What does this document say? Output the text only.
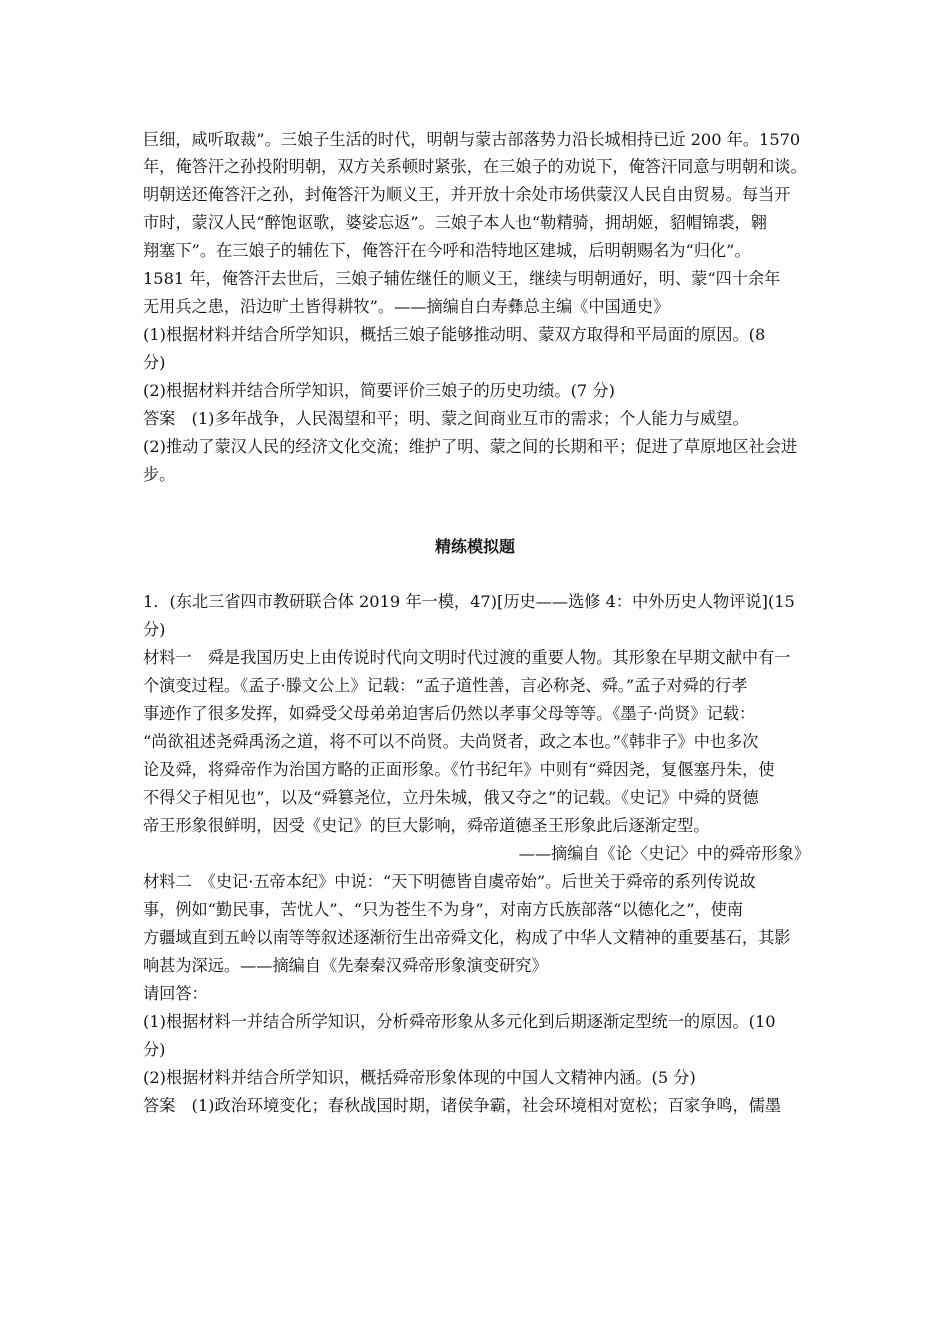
巨细，咸听取裁”。三娘子生活的时代，明朝与蒙古部落势力沿长城相持已近 200 年。1570
年，俺答汗之孙投附明朝，双方关系顿时紧张，在三娘子的劝说下，俺答汗同意与明朝和谈。
明朝送还俺答汗之孙，封俺答汗为顺义王，并开放十余处市场供蒙汉人民自由贸易。每当开
市时，蒙汉人民“醉饱讴歌，婆娑忘返”。三娘子本人也“勒精骑，拥胡姬，貂帽锦裘，翱
翔塞下”。在三娘子的辅佐下，俺答汗在今呼和浩特地区建城，后明朝赐名为“归化”。
1581 年，俺答汗去世后，三娘子辅佐继任的顺义王，继续与明朝通好，明、蒙“四十余年
无用兵之患，沿边旷土皆得耕牧”。——摘编自白寿彝总主编《中国通史》
(1)根据材料并结合所学知识，概括三娘子能够推动明、蒙双方取得和平局面的原因。(8
分)
(2)根据材料并结合所学知识，简要评价三娘子的历史功绩。(7 分)
答案　(1)多年战争，人民渴望和平；明、蒙之间商业互市的需求；个人能力与威望。
(2)推动了蒙汉人民的经济文化交流；维护了明、蒙之间的长期和平；促进了草原地区社会进
步。
精练模拟题
1．(东北三省四市教研联合体 2019 年一模，47)[历史——选修 4：中外历史人物评说](15
分)
材料一　舜是我国历史上由传说时代向文明时代过渡的重要人物。其形象在早期文献中有一
个演变过程。《孟子·滕文公上》记载：“孟子道性善，言必称尧、舜。”孟子对舜的行孝
事迹作了很多发挥，如舜受父母弟弟迫害后仍然以孝事父母等等。《墨子·尚贤》记载：
“尚欲祖述尧舜禹汤之道，将不可以不尚贤。夫尚贤者，政之本也。”《韩非子》中也多次
论及舜，将舜帝作为治国方略的正面形象。《竹书纪年》中则有“舜因尧，复偃塞丹朱，使
不得父子相见也”，以及“舜篡尧位，立丹朱城，俄又夺之”的记载。《史记》中舜的贤德
帝王形象很鲜明，因受《史记》的巨大影响，舜帝道德圣王形象此后逐渐定型。
——摘编自《论〈史记〉中的舜帝形象》
材料二　《史记·五帝本纪》中说：“天下明德皆自虞帝始”。后世关于舜帝的系列传说故
事，例如“勤民事，苦忧人”、“只为苍生不为身”，对南方氏族部落“以德化之”，使南
方疆域直到五岭以南等等叙述逐渐衍生出帝舜文化，构成了中华人文精神的重要基石，其影
响甚为深远。——摘编自《先秦秦汉舜帝形象演变研究》
请回答：
(1)根据材料一并结合所学知识，分析舜帝形象从多元化到后期逐渐定型统一的原因。(10
分)
(2)根据材料并结合所学知识，概括舜帝形象体现的中国人文精神内涵。(5 分)
答案　(1)政治环境变化；春秋战国时期，诸侯争霸，社会环境相对宽松；百家争鸣，儒墨
